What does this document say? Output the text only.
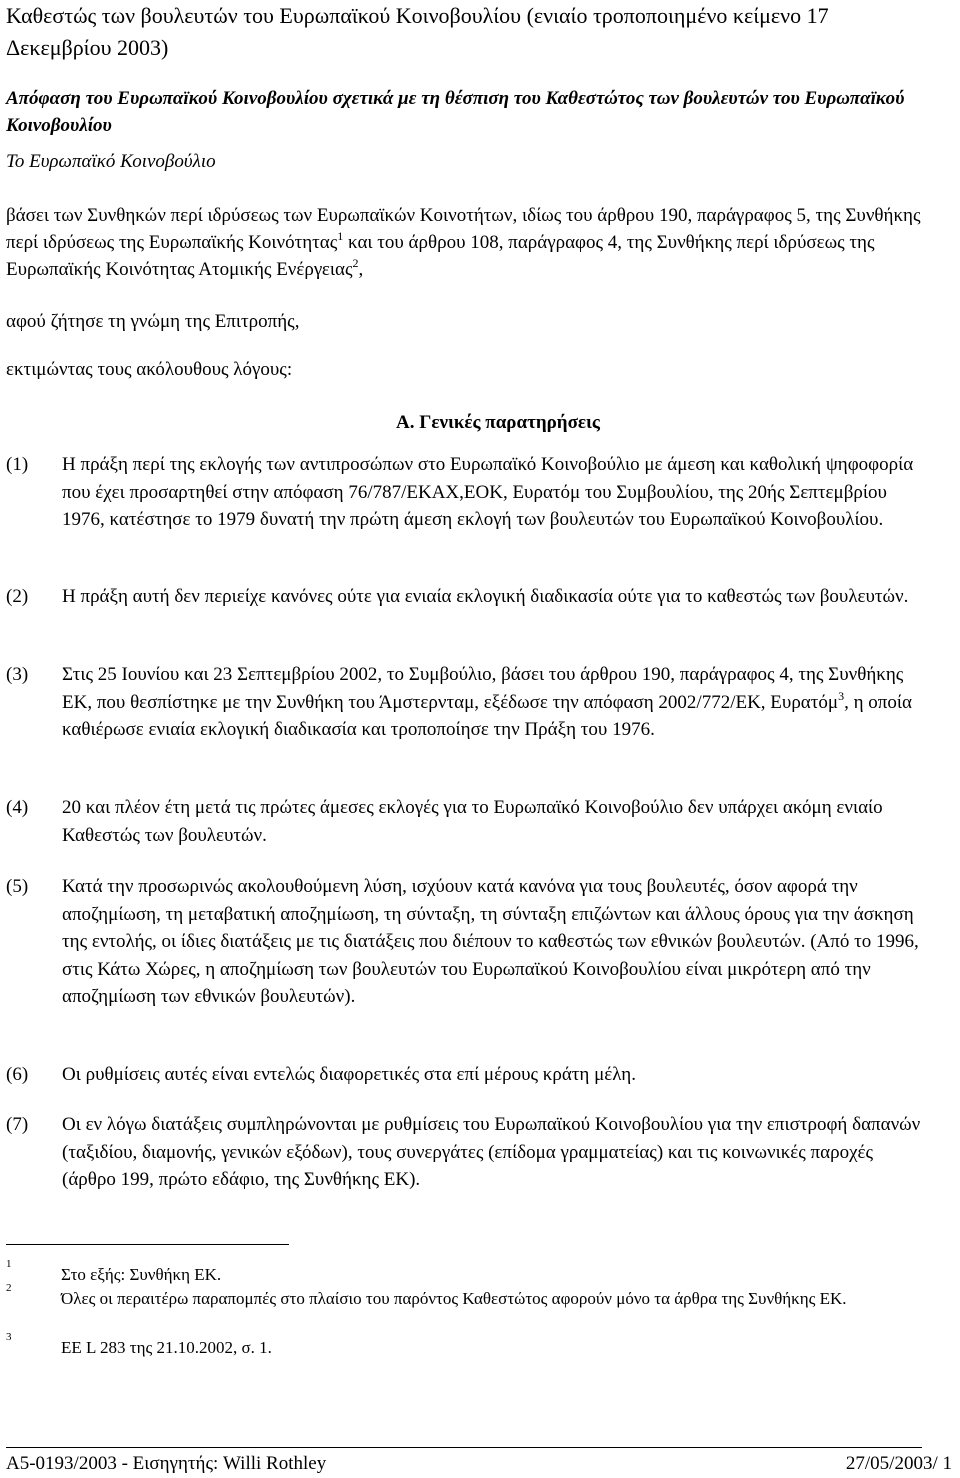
Καθεστώς των βουλευτών του Ευρωπαϊκού Κοινοβουλίου (ενιαίο τροποποιημένο κείμενο 17 Δεκεμβρίου 2003)
Απόφαση του Ευρωπαϊκού Κοινοβουλίου σχετικά με τη θέσπιση του Καθεστώτος των βουλευτών του Ευρωπαϊκού Κοινοβουλίου
Το Ευρωπαϊκό Κοινοβούλιο
βάσει των Συνθηκών περί ιδρύσεως των Ευρωπαϊκών Κοινοτήτων, ιδίως του άρθρου 190, παράγραφος 5, της Συνθήκης περί ιδρύσεως της Ευρωπαϊκής Κοινότητας$^1$ και του άρθρου 108, παράγραφος 4, της Συνθήκης περί ιδρύσεως της Ευρωπαϊκής Κοινότητας Ατομικής Ενέργειας$^2$,
αφού ζήτησε τη γνώμη της Επιτροπής,
εκτιμώντας τους ακόλουθους λόγους:
Α. Γενικές παρατηρήσεις
(1) Η πράξη περί της εκλογής των αντιπροσώπων στο Ευρωπαϊκό Κοινοβούλιο με άμεση και καθολική ψηφοφορία που έχει προσαρτηθεί στην απόφαση 76/787/ΕΚΑΧ,ΕΟΚ, Ευρατόμ του Συμβουλίου, της 20ής Σεπτεμβρίου 1976, κατέστησε το 1979 δυνατή την πρώτη άμεση εκλογή των βουλευτών του Ευρωπαϊκού Κοινοβουλίου.
(2) Η πράξη αυτή δεν περιείχε κανόνες ούτε για ενιαία εκλογική διαδικασία ούτε για το καθεστώς των βουλευτών.
(3) Στις 25 Ιουνίου και 23 Σεπτεμβρίου 2002, το Συμβούλιο, βάσει του άρθρου 190, παράγραφος 4, της Συνθήκης ΕΚ, που θεσπίστηκε με την Συνθήκη του Άμστερνταμ, εξέδωσε την απόφαση 2002/772/ΕΚ, Ευρατόμ$^3$, η οποία καθιέρωσε ενιαία εκλογική διαδικασία και τροποποίησε την Πράξη του 1976.
(4) 20 και πλέον έτη μετά τις πρώτες άμεσες εκλογές για το Ευρωπαϊκό Κοινοβούλιο δεν υπάρχει ακόμη ενιαίο Καθεστώς των βουλευτών.
(5) Κατά την προσωρινώς ακολουθούμενη λύση, ισχύουν κατά κανόνα για τους βουλευτές, όσον αφορά την αποζημίωση, τη μεταβατική αποζημίωση, τη σύνταξη, τη σύνταξη επιζώντων και άλλους όρους για την άσκηση της εντολής, οι ίδιες διατάξεις με τις διατάξεις που διέπουν το καθεστώς των εθνικών βουλευτών. (Από το 1996, στις Κάτω Χώρες, η αποζημίωση των βουλευτών του Ευρωπαϊκού Κοινοβουλίου είναι μικρότερη από την αποζημίωση των εθνικών βουλευτών).
(6) Οι ρυθμίσεις αυτές είναι εντελώς διαφορετικές στα επί μέρους κράτη μέλη.
(7) Οι εν λόγω διατάξεις συμπληρώνονται με ρυθμίσεις του Ευρωπαϊκού Κοινοβουλίου για την επιστροφή δαπανών (ταξιδίου, διαμονής, γενικών εξόδων), τους συνεργάτες (επίδομα γραμματείας) και τις κοινωνικές παροχές (άρθρο 199, πρώτο εδάφιο, της Συνθήκης ΕΚ).
1
Στο εξής: Συνθήκη ΕΚ.
2
Όλες οι περαιτέρω παραπομπές στο πλαίσιο του παρόντος Καθεστώτος αφορούν μόνο τα άρθρα της Συνθήκης ΕΚ.
3
ΕΕ L 283 της 21.10.2002, σ. 1.
A5-0193/2003 - Εισηγητής: Willi Rothley	27/05/2003/ 1
